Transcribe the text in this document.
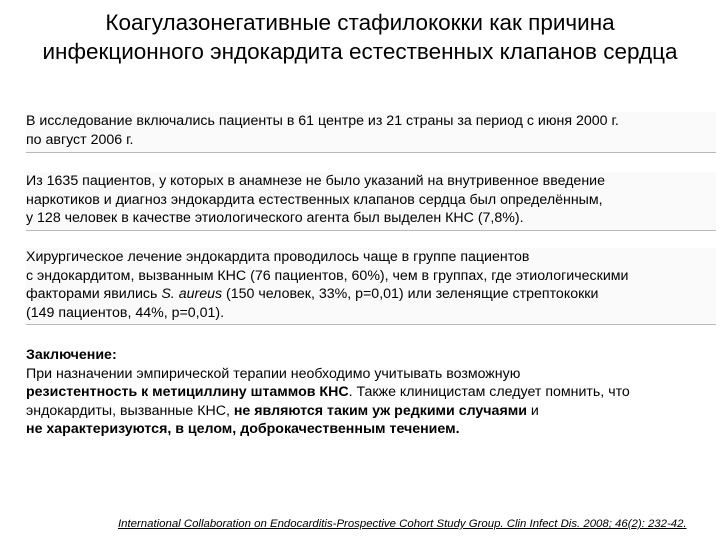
Коагулазонегативные стафилококки как причина
инфекционного эндокардита естественных клапанов сердца
В исследование включались пациенты в 61 центре из 21 страны за период с июня 2000 г.
по август 2006 г.
Из 1635 пациентов, у которых в анамнезе не было указаний на внутривенное введение
наркотиков и диагноз эндокардита естественных клапанов сердца был определённым,
у 128 человек в качестве этиологического агента был выделен КНС (7,8%).
Хирургическое лечение эндокардита проводилось чаще в группе пациентов
с эндокардитом, вызванным КНС (76 пациентов, 60%), чем в группах, где этиологическими
факторами явились S. aureus (150 человек, 33%, р=0,01) или зеленящие стрептококки
(149 пациентов, 44%, р=0,01).
Заключение:
При назначении эмпирической терапии необходимо учитывать возможную
резистентность к метициллину штаммов КНС. Также клиницистам следует помнить, что
эндокардиты, вызванные КНС, не являются таким уж редкими случаями и
не характеризуются, в целом, доброкачественным течением.
International Collaboration on Endocarditis-Prospective Cohort Study Group. Clin Infect Dis. 2008; 46(2): 232-42.
